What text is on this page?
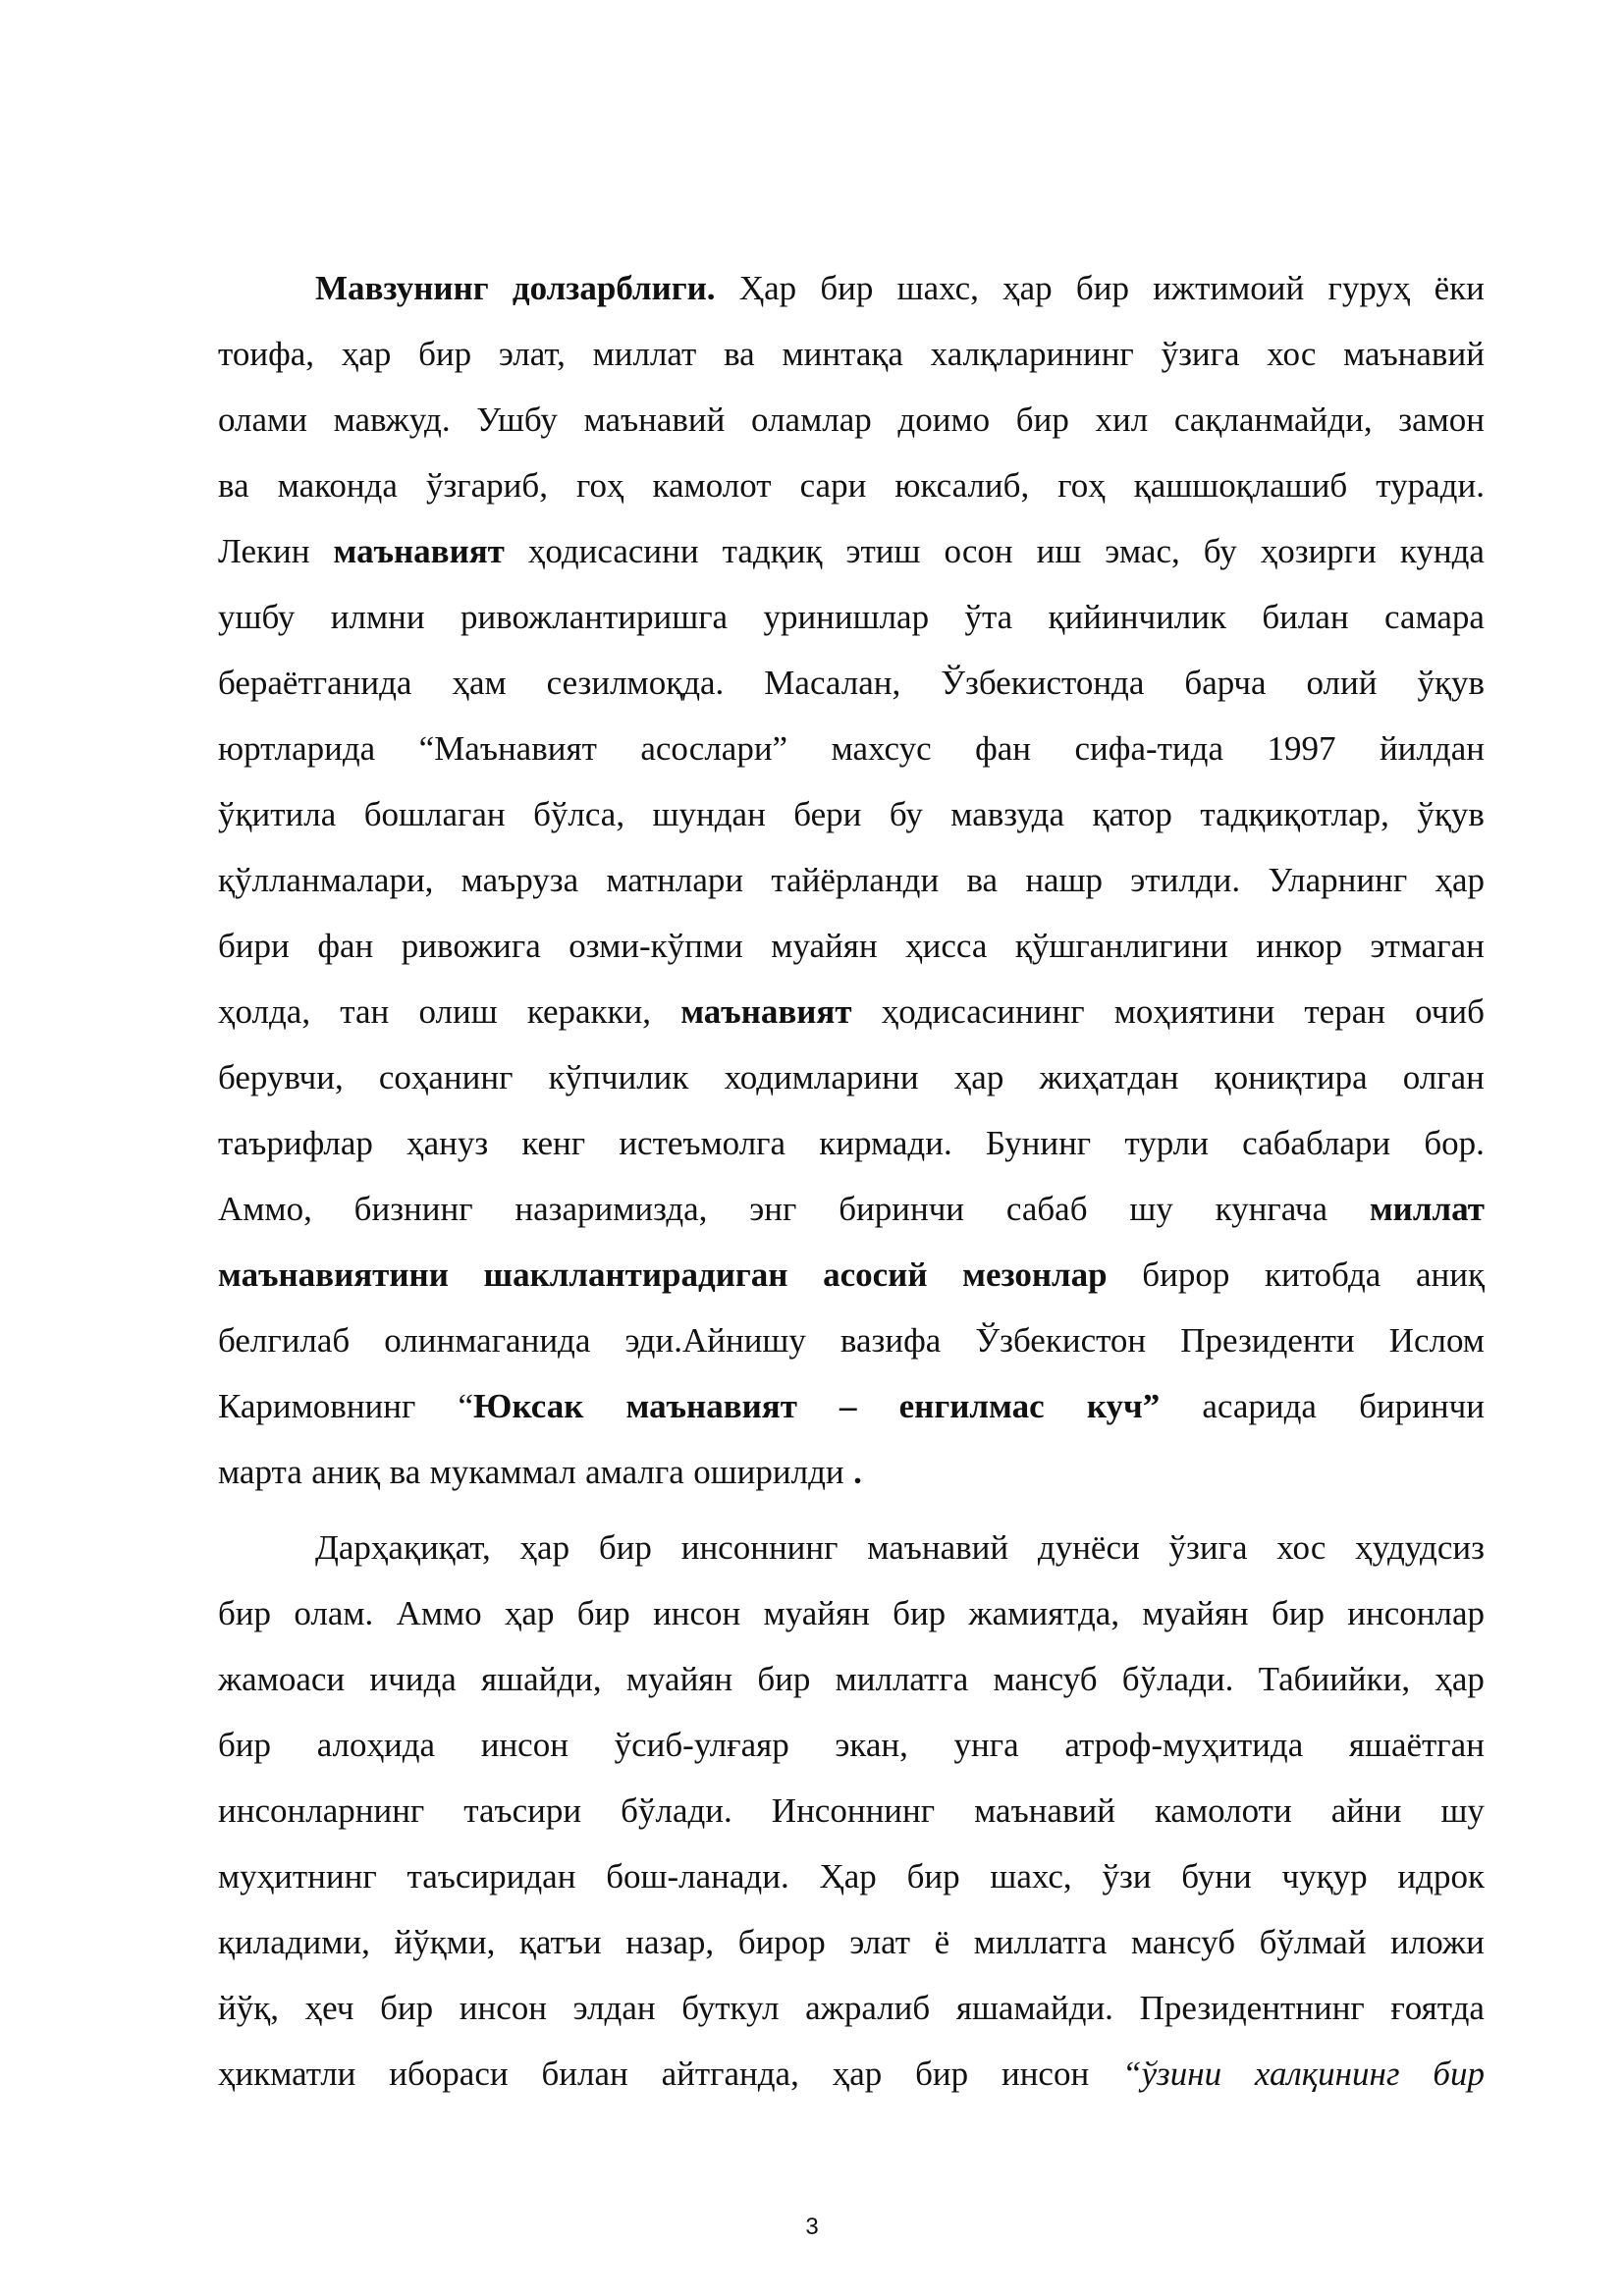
Мавзунинг долзарблиги. Ҳар бир шахс, ҳар бир ижтимоий гуруҳ ёки
тоифа, ҳар бир элат, миллат ва минтақа халқларининг ўзига хос маънавий
олами мавжуд. Ушбу маънавий оламлар доимо бир хил сақланмайди, замон
ва маконда ўзгариб, гоҳ камолот сари юксалиб, гоҳ қашшоқлашиб туради.
Лекин маънавият ҳодисасини тадқиқ этиш осон иш эмас, бу ҳозирги кунда
ушбу илмни ривожлантиришга уринишлар ўта қийинчилик билан самара
бераётганида ҳам сезилмоқда. Масалан, Ўзбекистонда барча олий ўқув
юртларида “Маънавият асослари” махсус фан сифа-тида 1997 йилдан
ўқитила бошлаган бўлса, шундан бери бу мавзуда қатор тадқиқотлар, ўқув
қўлланмалари, маъруза матнлари тайёрланди ва нашр этилди. Уларнинг ҳар
бири фан ривожига озми-кўпми муайян ҳисса қўшганлигини инкор этмаган
ҳолда, тан олиш керакки, маънавият ҳодисасининг моҳиятини теран очиб
берувчи, соҳанинг кўпчилик ходимларини ҳар жиҳатдан қониқтира олган
таърифлар ҳануз кенг истеъмолга кирмади. Бунинг турли сабаблари бор.
Аммо, бизнинг назаримизда, энг биринчи сабаб шу кунгача миллат
маънавиятини шакллантирадиган асосий мезонлар бирор китобда аниқ
белгилаб олинмаганида эди.Айнишу вазифа Ўзбекистон Президенти Ислом
Каримовнинг “Юксак маънавият – енгилмас куч” асарида биринчи
марта аниқ ва мукаммал амалга оширилди .
Дарҳақиқат, ҳар бир инсоннинг маънавий дунёси ўзига хос ҳудудсиз
бир олам. Аммо ҳар бир инсон муайян бир жамиятда, муайян бир инсонлар
жамоаси ичида яшайди, муайян бир миллатга мансуб бўлади. Табиийки, ҳар
бир алоҳида инсон ўсиб-улғаяр экан, унга атроф-муҳитида яшаётган
инсонларнинг таъсири бўлади. Инсоннинг маънавий камолоти айни шу
муҳитнинг таъсиридан бош-ланади. Ҳар бир шахс, ўзи буни чуқур идрок
қиладими, йўқми, қатъи назар, бирор элат ё миллатга мансуб бўлмай иложи
йўқ, ҳеч бир инсон элдан буткул ажралиб яшамайди. Президентнинг ғоятда
ҳикматли ибораси билан айтганда, ҳар бир инсон “ўзини халқининг бир
3
